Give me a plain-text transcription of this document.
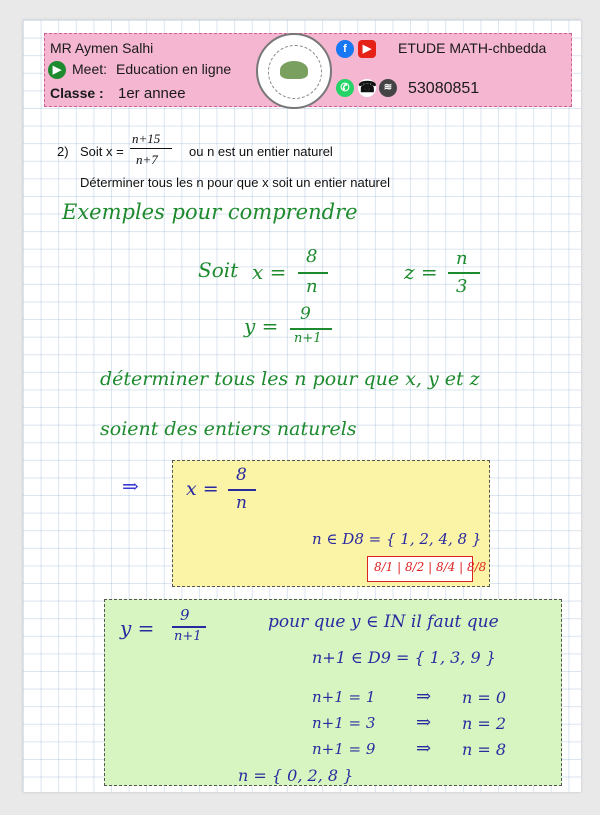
MR Aymen Salhi
▶ Meet: Education en ligne
Classe : 1er annee
f	▶	ETUDE MATH-chbedda
✆ ☎ ≋ 53080851
2) Soit x =
n+15
n+7
ou n est un entier naturel
Déterminer tous les n pour que x soit un entier naturel
Exemples pour comprendre
Soit x =
8
n
z =
n
3
y = 9
n+1
déterminer tous les n pour que x, y et z
soient des entiers naturels
⇒ x =
8
n
n ∈ D8 = { 1, 2, 4, 8 }
8/1 | 8/2 | 8/4 | 8/8
y =
9
n+1
pour que y ∈ IN il faut que
n+1 ∈ D9 = { 1, 3, 9 }
n+1 = 1 ⇒ n = 0
n+1 = 3 ⇒ n = 2
n+1 = 9 ⇒ n = 8
n = { 0, 2, 8 }
